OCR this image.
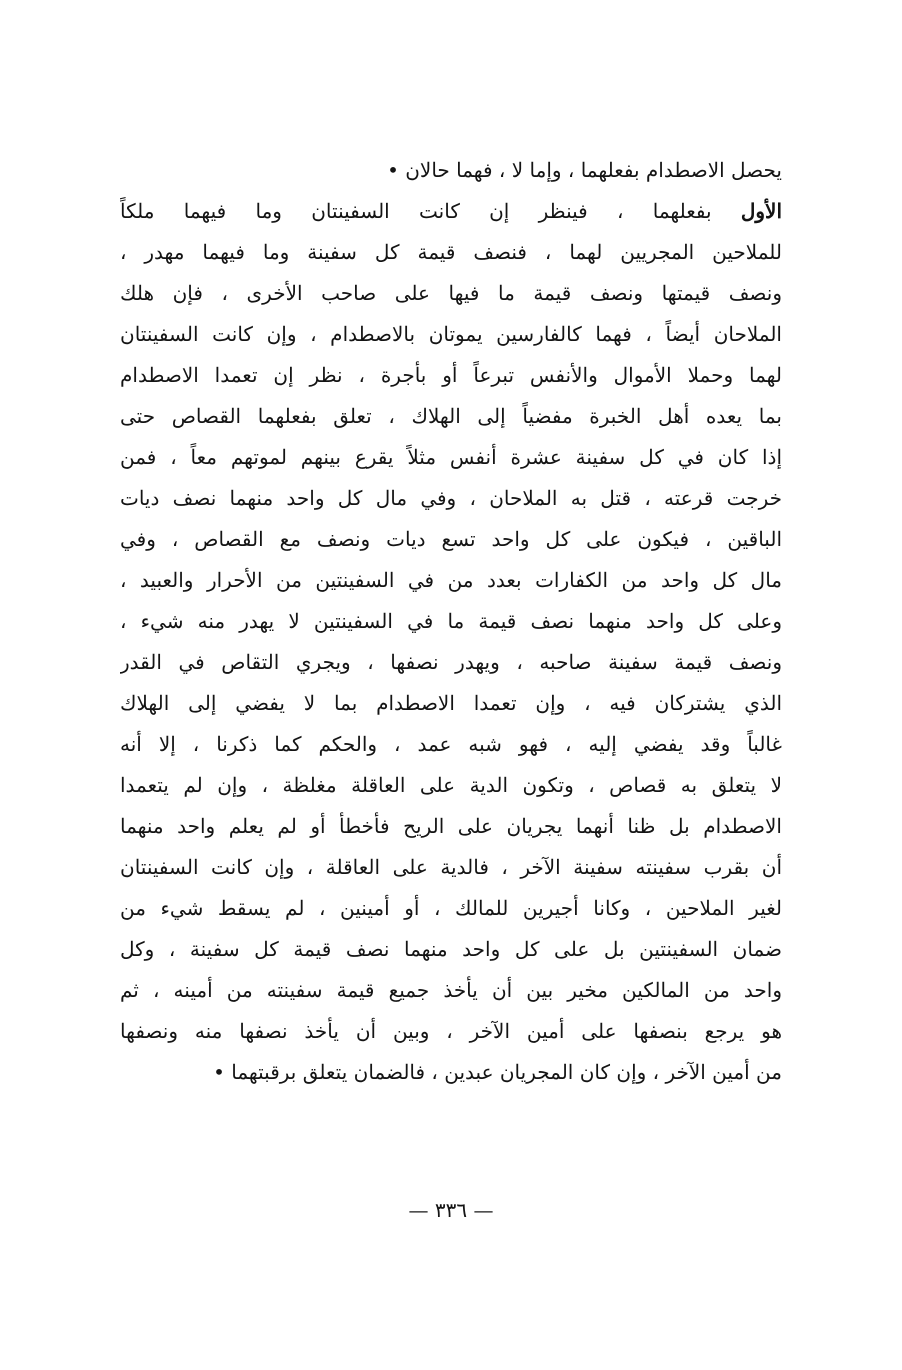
يحصل الاصطدام بفعلهما ، وإما لا ، فهما حالان •
الأول بفعلهما ، فينظر إن كانت السفينتان وما فيهما ملكاً
للملاحين المجريين لهما ، فنصف قيمة كل سفينة وما فيهما مهدر ،
ونصف قيمتها ونصف قيمة ما فيها على صاحب الأخرى ، فإن هلك
الملاحان أيضاً ، فهما كالفارسين يموتان بالاصطدام ، وإن كانت السفينتان
لهما وحملا الأموال والأنفس تبرعاً أو بأجرة ، نظر إن تعمدا الاصطدام
بما يعده أهل الخبرة مفضياً إلى الهلاك ، تعلق بفعلهما القصاص حتى
إذا كان في كل سفينة عشرة أنفس مثلاً يقرع بينهم لموتهم معاً ، فمن
خرجت قرعته ، قتل به الملاحان ، وفي مال كل واحد منهما نصف ديات
الباقين ، فيكون على كل واحد تسع ديات ونصف مع القصاص ، وفي
مال كل واحد من الكفارات بعدد من في السفينتين من الأحرار والعبيد ،
وعلى كل واحد منهما نصف قيمة ما في السفينتين لا يهدر منه شيء ،
ونصف قيمة سفينة صاحبه ، ويهدر نصفها ، ويجري التقاص في القدر
الذي يشتركان فيه ، وإن تعمدا الاصطدام بما لا يفضي إلى الهلاك
غالباً وقد يفضي إليه ، فهو شبه عمد ، والحكم كما ذكرنا ، إلا أنه
لا يتعلق به قصاص ، وتكون الدية على العاقلة مغلظة ، وإن لم يتعمدا
الاصطدام بل ظنا أنهما يجريان على الريح فأخطأ أو لم يعلم واحد منهما
أن بقرب سفينته سفينة الآخر ، فالدية على العاقلة ، وإن كانت السفينتان
لغير الملاحين ، وكانا أجيرين للمالك ، أو أمينين ، لم يسقط شيء من
ضمان السفينتين بل على كل واحد منهما نصف قيمة كل سفينة ، وكل
واحد من المالكين مخير بين أن يأخذ جميع قيمة سفينته من أمينه ، ثم
هو يرجع بنصفها على أمين الآخر ، وبين أن يأخذ نصفها منه ونصفها
من أمين الآخر ، وإن كان المجريان عبدين ، فالضمان يتعلق برقبتهما •
— ٣٣٦ —
